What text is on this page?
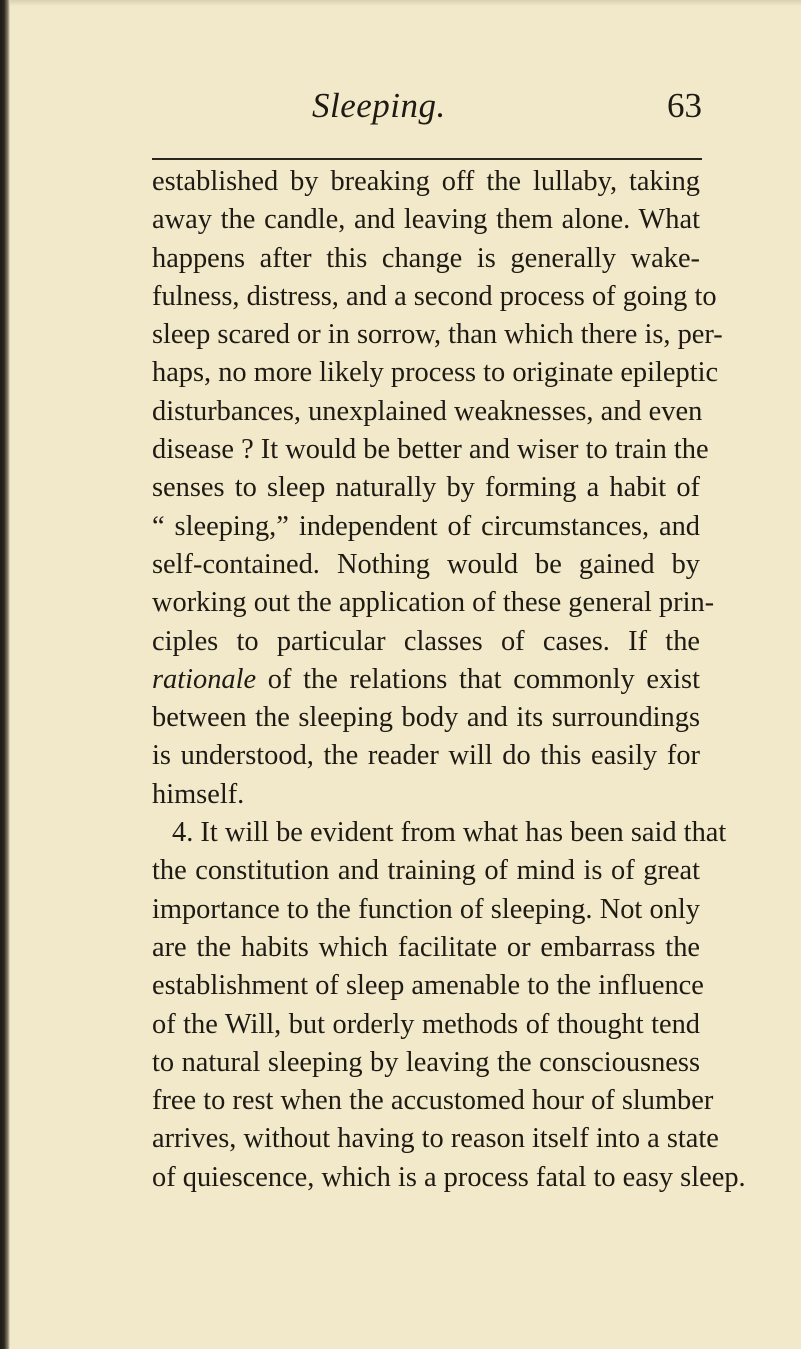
Sleeping.	63
established by breaking off the lullaby, taking
away the candle, and leaving them alone. What
happens after this change is generally wake-
fulness, distress, and a second process of going to
sleep scared or in sorrow, than which there is, per-
haps, no more likely process to originate epileptic
disturbances, unexplained weaknesses, and even
disease ? It would be better and wiser to train the
senses to sleep naturally by forming a habit of
“ sleeping,” independent of circumstances, and
self-contained. Nothing would be gained by
working out the application of these general prin-
ciples to particular classes of cases. If the
rationale of the relations that commonly exist
between the sleeping body and its surroundings
is understood, the reader will do this easily for
himself.
4. It will be evident from what has been said that
the constitution and training of mind is of great
importance to the function of sleeping. Not only
are the habits which facilitate or embarrass the
establishment of sleep amenable to the influence
of the Will, but orderly methods of thought tend
to natural sleeping by leaving the consciousness
free to rest when the accustomed hour of slumber
arrives, without having to reason itself into a state
of quiescence, which is a process fatal to easy sleep.
